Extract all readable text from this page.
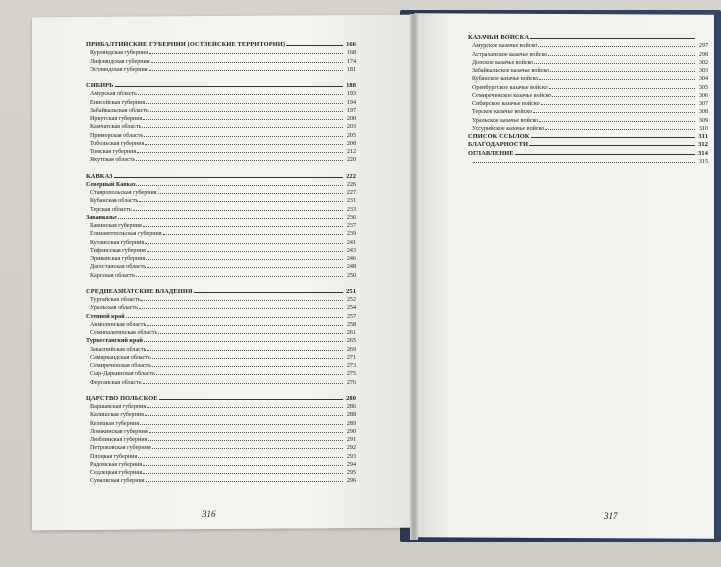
ПРИБАЛТИЙСКИЕ ГУБЕРНИИ (ОСТЗЕЙСКИЕ ТЕРРИТОРИИ)	166
Курляндская губерния	168
Лифляндская губерния	174
Эстляндская губерния	181
СИБИРЬ	188
Амурская область	193
Енисейская губерния	194
Забайкальская область	197
Иркутская губерния	200
Камчатская область	203
Приморская область	205
Тобольская губерния	208
Томская губерния	212
Якутская область	220
КАВКАЗ	222
Северный Кавказ	226
Ставропольская губерния	227
Кубанская область	231
Терская область	233
Закавказье	236
Бакинская губерния	237
Елизаветпольская губерния	239
Кутаисская губерния	241
Тифлисская губерния	243
Эриванская губерния	246
Дагестанская область	248
Карсская область	250
СРЕДНЕАЗИАТСКИЕ ВЛАДЕНИЯ	251
Тургайская область	252
Уральская область	254
Степной край	257
Акмолинская область	258
Семипалатинская область	261
Туркестанский край	265
Закаспийская область	269
Самаркандская область	271
Семиреченская область	273
Сыр-Дарьинская область	275
Ферганская область	276
ЦАРСТВО ПОЛЬСКОЕ	280
Варшавская губерния	286
Калишская губерния	288
Келецкая губерния	289
Ломжинская губерния	290
Люблинская губерния	291
Петроковская губерния	292
Плоцкая губерния	293
Радомская губерния	294
Седлецкая губерния	295
Сувалкская губерния	296
КАЗАЧЬИ ВОЙСКА
Амурское казачье войско	297
Астраханское казачье войско	298
Донское казачье войско	302
Забайкальское казачье войско	303
Кубанское казачье войско	304
Оренбургское казачье войско	305
Семиреченское казачье войско	306
Сибирское казачье войско	307
Терское казачье войско	308
Уральское казачье войско	309
Уссурийское казачье войско	310
СПИСОК ССЫЛОК	311
БЛАГОДАРНОСТИ	312
ОГЛАВЛЕНИЕ	314
315
316	317
